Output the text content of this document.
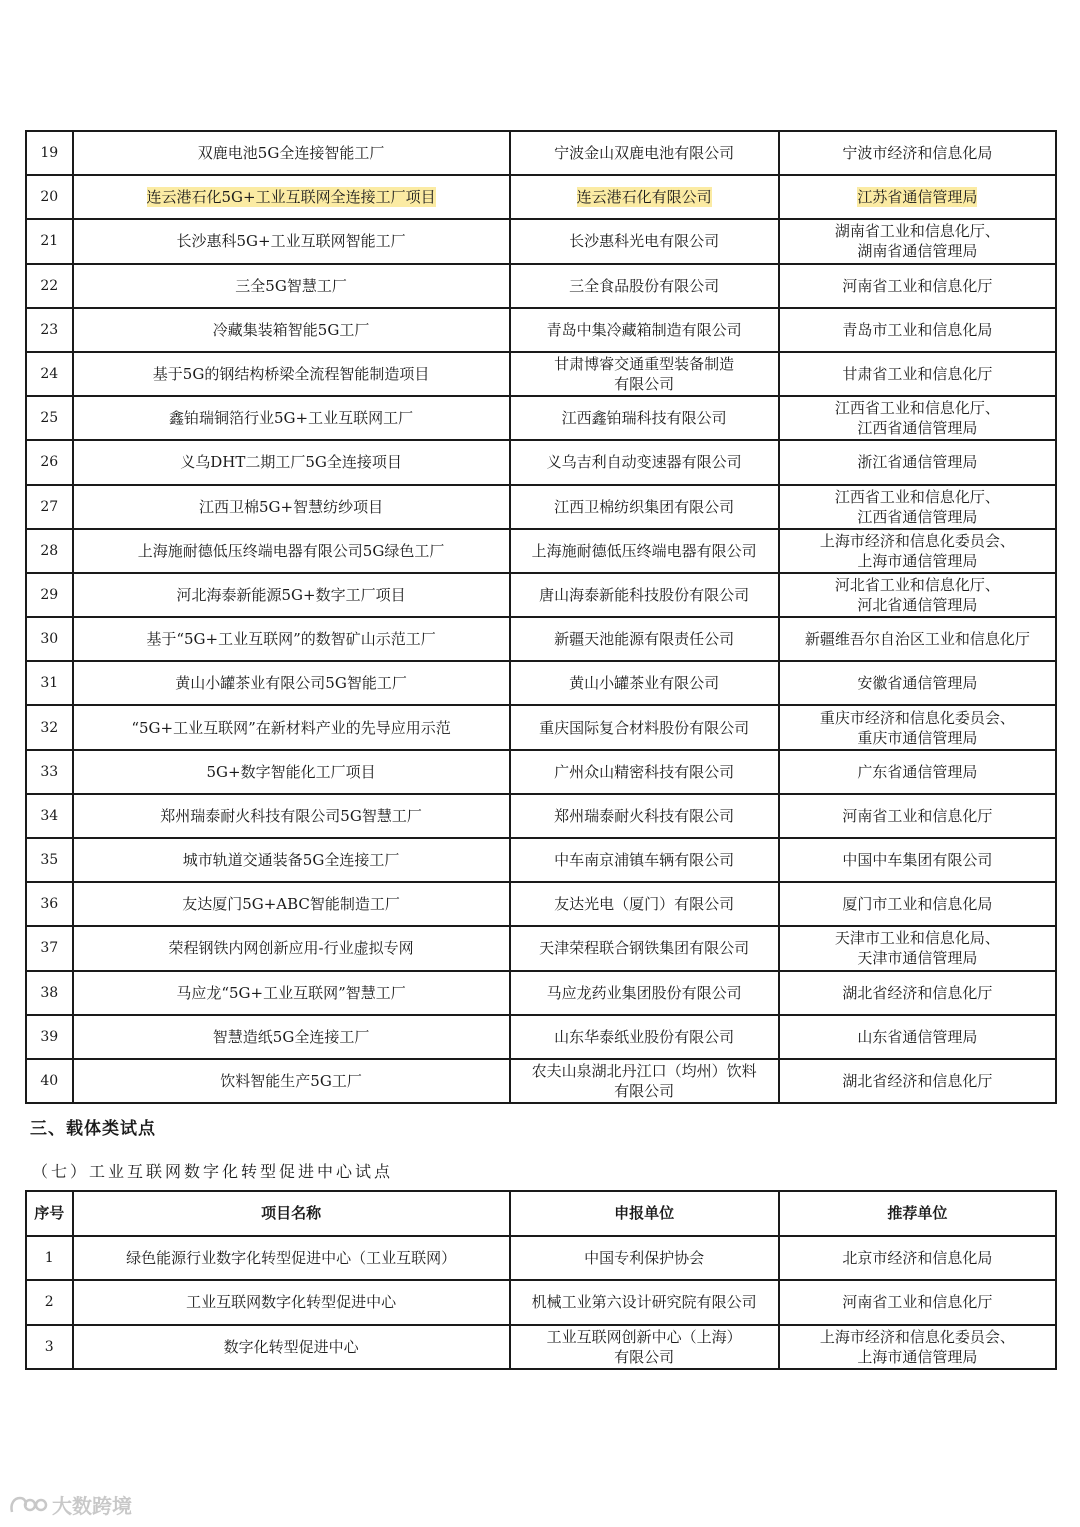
19	双鹿电池5G全连接智能工厂	宁波金山双鹿电池有限公司	宁波市经济和信息化局

20	连云港石化5G+工业互联网全连接工厂项目	连云港石化有限公司	江苏省通信管理局

21	长沙惠科5G+工业互联网智能工厂	长沙惠科光电有限公司	湖南省工业和信息化厅、
湖南省通信管理局

22	三全5G智慧工厂	三全食品股份有限公司	河南省工业和信息化厅

23	冷藏集装箱智能5G工厂	青岛中集冷藏箱制造有限公司	青岛市工业和信息化局

24	基于5G的钢结构桥梁全流程智能制造项目	甘肃博睿交通重型装备制造
有限公司	甘肃省工业和信息化厅

25	鑫铂瑞铜箔行业5G+工业互联网工厂	江西鑫铂瑞科技有限公司	江西省工业和信息化厅、
江西省通信管理局

26	义乌DHT二期工厂5G全连接项目	义乌吉利自动变速器有限公司	浙江省通信管理局

27	江西卫棉5G+智慧纺纱项目	江西卫棉纺织集团有限公司	江西省工业和信息化厅、
江西省通信管理局

28	上海施耐德低压终端电器有限公司5G绿色工厂	上海施耐德低压终端电器有限公司	上海市经济和信息化委员会、
上海市通信管理局

29	河北海泰新能源5G+数字工厂项目	唐山海泰新能科技股份有限公司	河北省工业和信息化厅、
河北省通信管理局

30	基于“5G+工业互联网”的数智矿山示范工厂	新疆天池能源有限责任公司	新疆维吾尔自治区工业和信息化厅

31	黄山小罐茶业有限公司5G智能工厂	黄山小罐茶业有限公司	安徽省通信管理局

32	“5G+工业互联网”在新材料产业的先导应用示范	重庆国际复合材料股份有限公司	重庆市经济和信息化委员会、
重庆市通信管理局

33	5G+数字智能化工厂项目	广州众山精密科技有限公司	广东省通信管理局

34	郑州瑞泰耐火科技有限公司5G智慧工厂	郑州瑞泰耐火科技有限公司	河南省工业和信息化厅

35	城市轨道交通装备5G全连接工厂	中车南京浦镇车辆有限公司	中国中车集团有限公司

36	友达厦门5G+ABC智能制造工厂	友达光电（厦门）有限公司	厦门市工业和信息化局

37	荣程钢铁内网创新应用-行业虚拟专网	天津荣程联合钢铁集团有限公司	天津市工业和信息化局、
天津市通信管理局

38	马应龙“5G+工业互联网”智慧工厂	马应龙药业集团股份有限公司	湖北省经济和信息化厅

39	智慧造纸5G全连接工厂	山东华泰纸业股份有限公司	山东省通信管理局

40	饮料智能生产5G工厂	农夫山泉湖北丹江口（均州）饮料
有限公司	湖北省经济和信息化厅
三、载体类试点
（七）工业互联网数字化转型促进中心试点
序号	项目名称	申报单位	推荐单位
1	绿色能源行业数字化转型促进中心（工业互联网）	中国专利保护协会	北京市经济和信息化局

2	工业互联网数字化转型促进中心	机械工业第六设计研究院有限公司	河南省工业和信息化厅

3	数字化转型促进中心	工业互联网创新中心（上海）
有限公司	上海市经济和信息化委员会、
上海市通信管理局
大数跨境
